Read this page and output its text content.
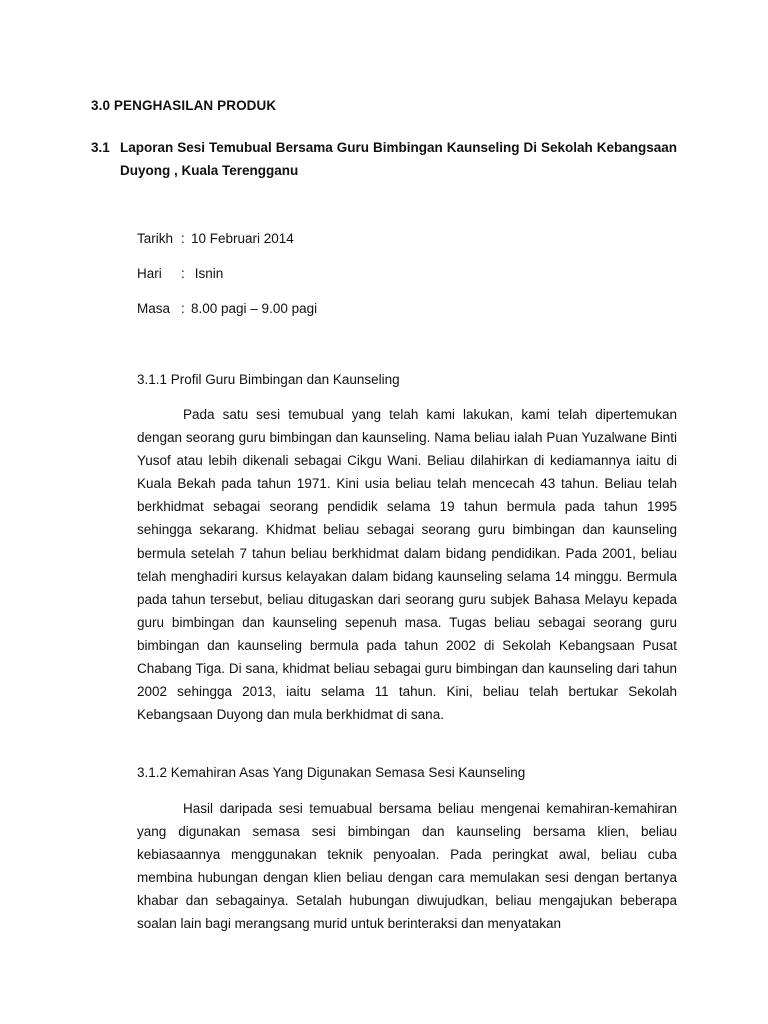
3.0 PENGHASILAN PRODUK
3.1 Laporan Sesi Temubual Bersama Guru Bimbingan Kaunseling Di Sekolah Kebangsaan Duyong , Kuala Terengganu
Tarikh : 10 Februari 2014
Hari : Isnin
Masa : 8.00 pagi – 9.00 pagi
3.1.1 Profil Guru Bimbingan dan Kaunseling

Pada satu sesi temubual yang telah kami lakukan, kami telah dipertemukan dengan seorang guru bimbingan dan kaunseling. Nama beliau ialah Puan Yuzalwane Binti Yusof atau lebih dikenali sebagai Cikgu Wani. Beliau dilahirkan di kediamannya iaitu di Kuala Bekah pada tahun 1971. Kini usia beliau telah mencecah 43 tahun. Beliau telah berkhidmat sebagai seorang pendidik selama 19 tahun bermula pada tahun 1995 sehingga sekarang. Khidmat beliau sebagai seorang guru bimbingan dan kaunseling bermula setelah 7 tahun beliau berkhidmat dalam bidang pendidikan. Pada 2001, beliau telah menghadiri kursus kelayakan dalam bidang kaunseling selama 14 minggu. Bermula pada tahun tersebut, beliau ditugaskan dari seorang guru subjek Bahasa Melayu kepada guru bimbingan dan kaunseling sepenuh masa. Tugas beliau sebagai seorang guru bimbingan dan kaunseling bermula pada tahun 2002 di Sekolah Kebangsaan Pusat Chabang Tiga. Di sana, khidmat beliau sebagai guru bimbingan dan kaunseling dari tahun 2002 sehingga 2013, iaitu selama 11 tahun. Kini, beliau telah bertukar Sekolah Kebangsaan Duyong dan mula berkhidmat di sana.

3.1.2 Kemahiran Asas Yang Digunakan Semasa Sesi Kaunseling

Hasil daripada sesi temuabual bersama beliau mengenai kemahiran-kemahiran yang digunakan semasa sesi bimbingan dan kaunseling bersama klien, beliau kebiasaannya menggunakan teknik penyoalan. Pada peringkat awal, beliau cuba membina hubungan dengan klien beliau dengan cara memulakan sesi dengan bertanya khabar dan sebagainya. Setalah hubungan diwujudkan, beliau mengajukan beberapa soalan lain bagi merangsang murid untuk berinteraksi dan menyatakan
